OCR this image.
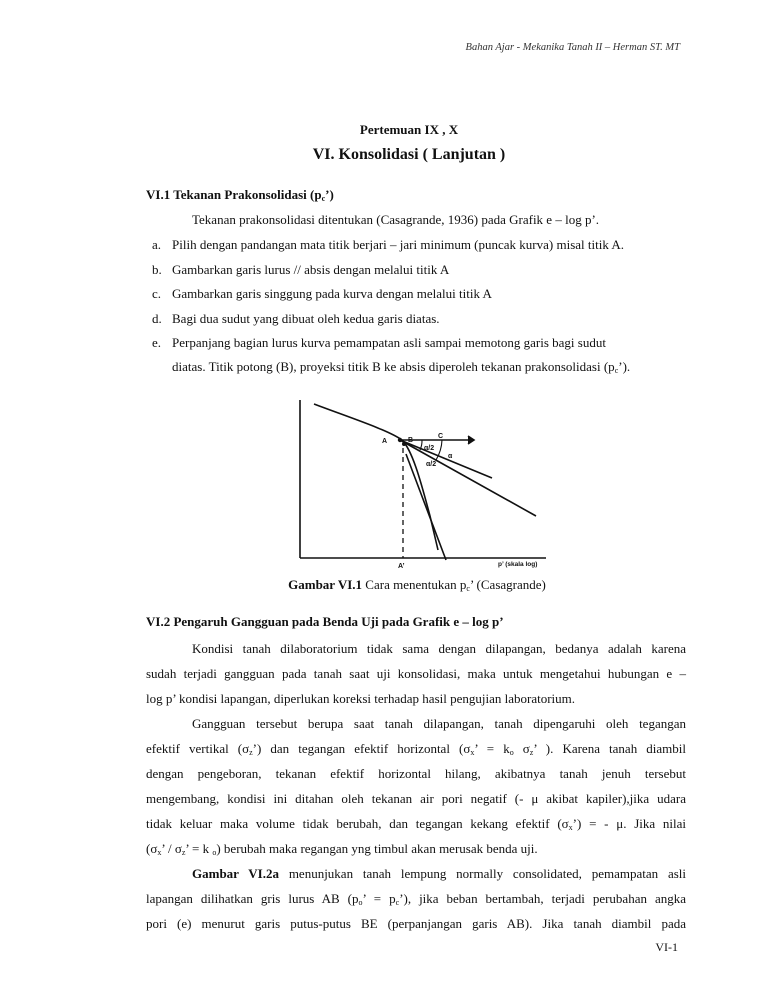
Bahan Ajar - Mekanika Tanah II – Herman ST. MT
Pertemuan IX , X
VI. Konsolidasi ( Lanjutan )
VI.1 Tekanan Prakonsolidasi $(p_c’)$
Tekanan prakonsolidasi ditentukan (Casagrande, 1936) pada Grafik e – log p’.
a. Pilih dengan pandangan mata titik berjari – jari minimum (puncak kurva) misal titik A.
b. Gambarkan garis lurus // absis dengan melalui titik A
c. Gambarkan garis singgung pada kurva dengan melalui titik A
d. Bagi dua sudut yang dibuat oleh kedua garis diatas.
e. Perpanjang bagian lurus kurva pemampatan asli sampai memotong garis bagi sudut
diatas. Titik potong (B), proyeksi titik B ke absis diperoleh tekanan prakonsolidasi $(p_c’)$.
A	B
C
α/2
α
α/2
A’	p’ (skala log)
Gambar VI.1 Cara menentukan $p_c$’ (Casagrande)
VI.2 Pengaruh Gangguan pada Benda Uji pada Grafik e – log p’
Kondisi tanah dilaboratorium tidak sama dengan dilapangan, bedanya adalah karena
sudah terjadi gangguan pada tanah saat uji konsolidasi, maka untuk mengetahui hubungan e –
log p’ kondisi lapangan, diperlukan koreksi terhadap hasil pengujian laboratorium.
Gangguan tersebut berupa saat tanah dilapangan, tanah dipengaruhi oleh tegangan
efektif vertikal $(\sigma_z’)$ dan tegangan efektif horizontal ($\sigma_x$’ = $k_o$ $\sigma_z$’ ). Karena tanah diambil
dengan pengeboran, tekanan efektif horizontal hilang, akibatnya tanah jenuh tersebut
mengembang, kondisi ini ditahan oleh tekanan air pori negatif (- μ akibat kapiler),jika udara
tidak keluar maka volume tidak berubah, dan tegangan kekang efektif $(\sigma_x’)$ = - μ. Jika nilai
($\sigma_x$’ / $\sigma_z$’ = k $_o$) berubah maka regangan yng timbul akan merusak benda uji.
Gambar VI.2a menunjukan tanah lempung normally consolidated, pemampatan asli
lapangan dilihatkan gris lurus AB ($p_o$’ = $p_c$’), jika beban bertambah, terjadi perubahan angka
pori (e) menurut garis putus-putus BE (perpanjangan garis AB). Jika tanah diambil pada
VI-1
